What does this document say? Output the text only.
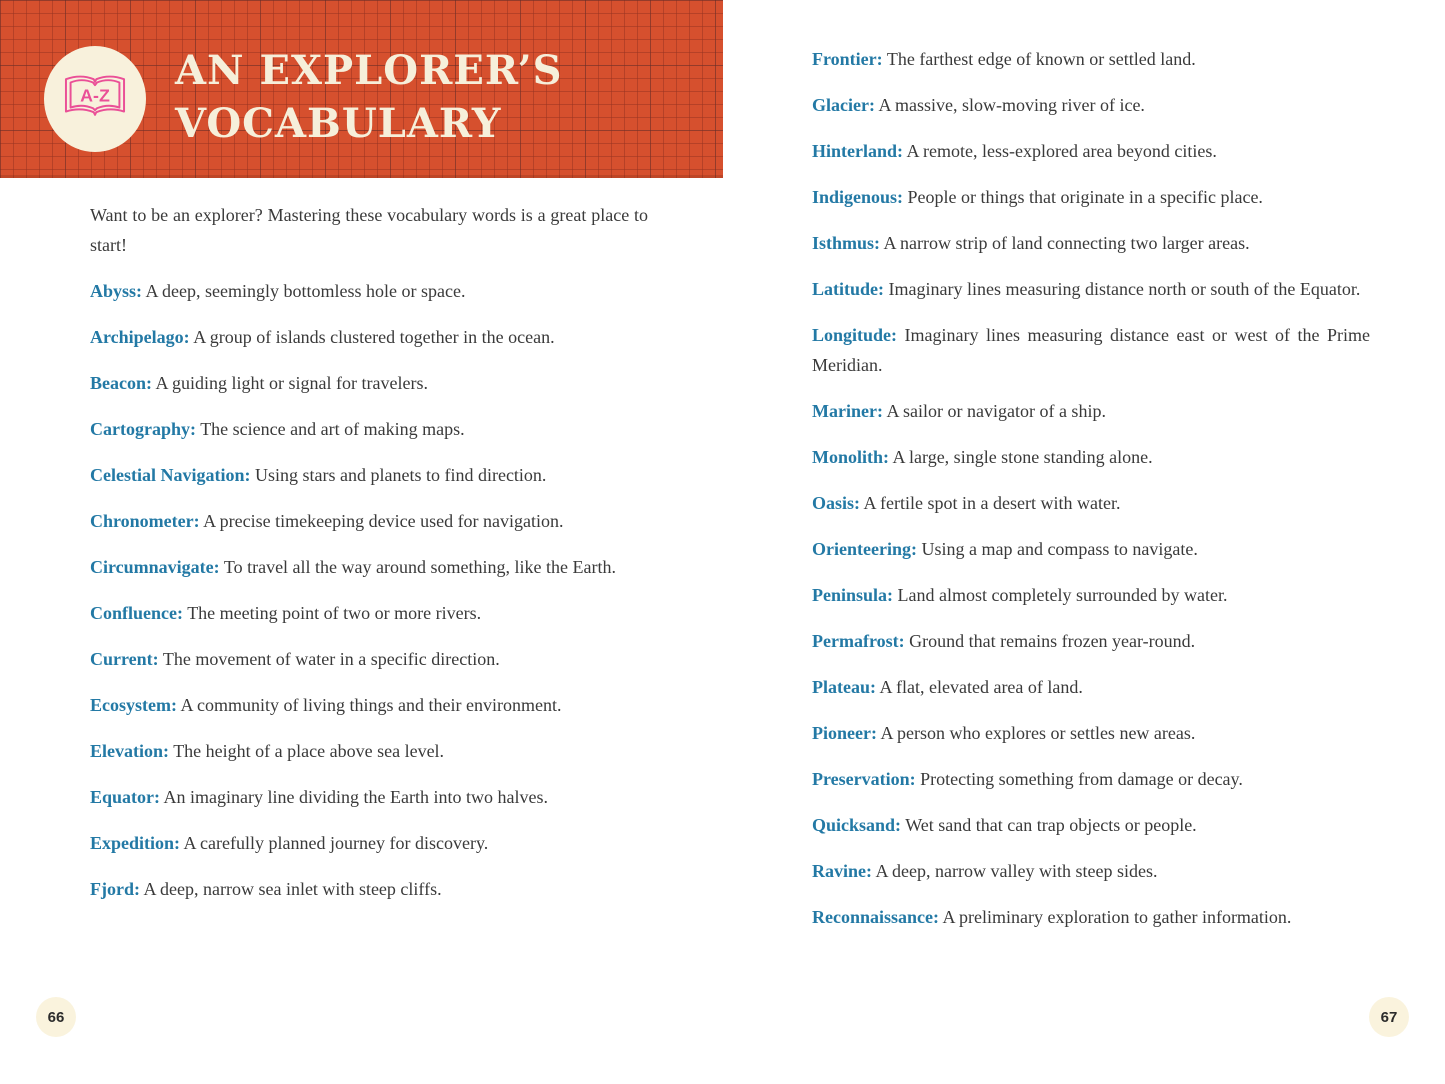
A-Z
AN EXPLORER’S
VOCABULARY

Want to be an explorer? Mastering these vocabulary words is a great place to start!

Abyss: A deep, seemingly bottomless hole or space.

Archipelago: A group of islands clustered together in the ocean.

Beacon: A guiding light or signal for travelers.

Cartography: The science and art of making maps.

Celestial Navigation: Using stars and planets to find direction.

Chronometer: A precise timekeeping device used for navigation.

Circumnavigate: To travel all the way around something, like the Earth.

Confluence: The meeting point of two or more rivers.

Current: The movement of water in a specific direction.

Ecosystem: A community of living things and their environment.

Elevation: The height of a place above sea level.

Equator: An imaginary line dividing the Earth into two halves.

Expedition: A carefully planned journey for discovery.

Fjord: A deep, narrow sea inlet with steep cliffs.

66

Frontier: The farthest edge of known or settled land.

Glacier: A massive, slow-moving river of ice.

Hinterland: A remote, less-explored area beyond cities.

Indigenous: People or things that originate in a specific place.

Isthmus: A narrow strip of land connecting two larger areas.

Latitude: Imaginary lines measuring distance north or south of the Equator.

Longitude: Imaginary lines measuring distance east or west of the Prime Meridian.

Mariner: A sailor or navigator of a ship.

Monolith: A large, single stone standing alone.

Oasis: A fertile spot in a desert with water.

Orienteering: Using a map and compass to navigate.

Peninsula: Land almost completely surrounded by water.

Permafrost: Ground that remains frozen year-round.

Plateau: A flat, elevated area of land.

Pioneer: A person who explores or settles new areas.

Preservation: Protecting something from damage or decay.

Quicksand: Wet sand that can trap objects or people.

Ravine: A deep, narrow valley with steep sides.

Reconnaissance: A preliminary exploration to gather information.

67
